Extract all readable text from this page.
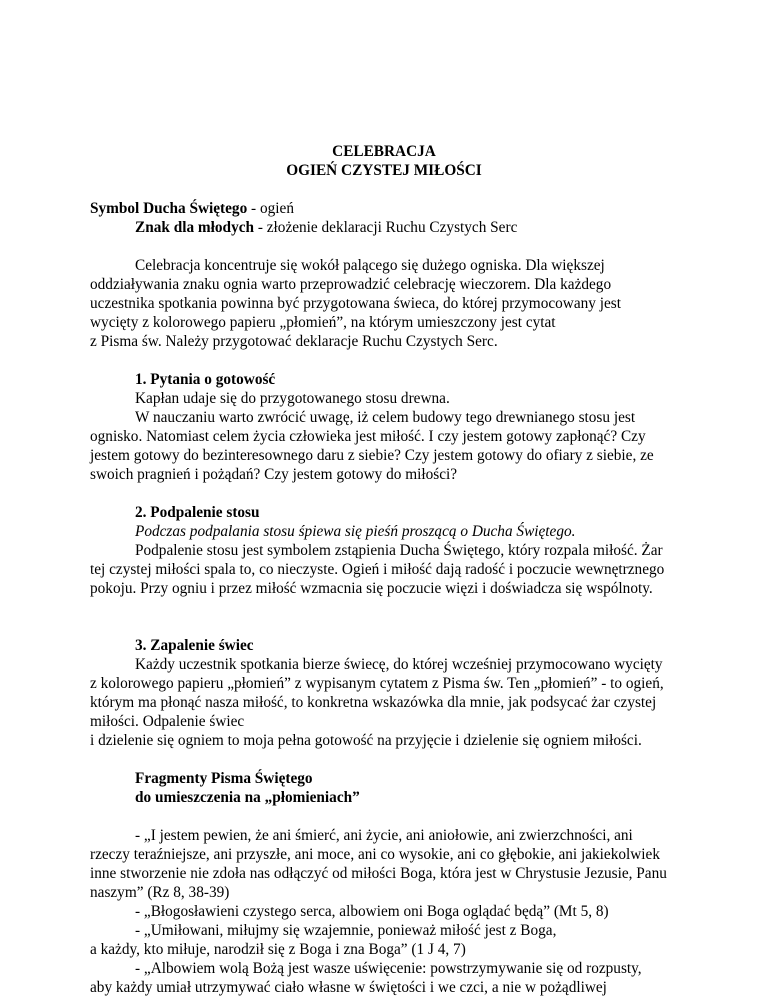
CELEBRACJA
OGIEŃ CZYSTEJ MIŁOŚCI
Symbol Ducha Świętego - ogień
Znak dla młodych - złożenie deklaracji Ruchu Czystych Serc
Celebracja koncentruje się wokół palącego się dużego ogniska. Dla większej
oddziaływania znaku ognia warto przeprowadzić celebrację wieczorem. Dla każdego
uczestnika spotkania powinna być przygotowana świeca, do której przymocowany jest
wycięty z kolorowego papieru „płomień”, na którym umieszczony jest cytat
z Pisma św. Należy przygotować deklaracje Ruchu Czystych Serc.
1. Pytania o gotowość
Kapłan udaje się do przygotowanego stosu drewna.
W nauczaniu warto zwrócić uwagę, iż celem budowy tego drewnianego stosu jest
ognisko. Natomiast celem życia człowieka jest miłość. I czy jestem gotowy zapłonąć? Czy
jestem gotowy do bezinteresownego daru z siebie? Czy jestem gotowy do ofiary z siebie, ze
swoich pragnień i pożądań? Czy jestem gotowy do miłości?
2. Podpalenie stosu
Podczas podpalania stosu śpiewa się pieśń proszącą o Ducha Świętego.
Podpalenie stosu jest symbolem zstąpienia Ducha Świętego, który rozpala miłość. Żar
tej czystej miłości spala to, co nieczyste. Ogień i miłość dają radość i poczucie wewnętrznego
pokoju. Przy ogniu i przez miłość wzmacnia się poczucie więzi i doświadcza się wspólnoty.
3. Zapalenie świec
Każdy uczestnik spotkania bierze świecę, do której wcześniej przymocowano wycięty
z kolorowego papieru „płomień” z wypisanym cytatem z Pisma św. Ten „płomień” - to ogień,
którym ma płonąć nasza miłość, to konkretna wskazówka dla mnie, jak podsycać żar czystej
miłości. Odpalenie świec
i dzielenie się ogniem to moja pełna gotowość na przyjęcie i dzielenie się ogniem miłości.
Fragmenty Pisma Świętego
do umieszczenia na „płomieniach”
- „I jestem pewien, że ani śmierć, ani życie, ani aniołowie, ani zwierzchności, ani
rzeczy teraźniejsze, ani przyszłe, ani moce, ani co wysokie, ani co głębokie, ani jakiekolwiek
inne stworzenie nie zdoła nas odłączyć od miłości Boga, która jest w Chrystusie Jezusie, Panu
naszym” (Rz 8, 38-39)
- „Błogosławieni czystego serca, albowiem oni Boga oglądać będą” (Mt 5, 8)
- „Umiłowani, miłujmy się wzajemnie, ponieważ miłość jest z Boga,
a każdy, kto miłuje, narodził się z Boga i zna Boga” (1 J 4, 7)
- „Albowiem wolą Bożą jest wasze uświęcenie: powstrzymywanie się od rozpusty,
aby każdy umiał utrzymywać ciało własne w świętości i we czci, a nie w pożądliwej
